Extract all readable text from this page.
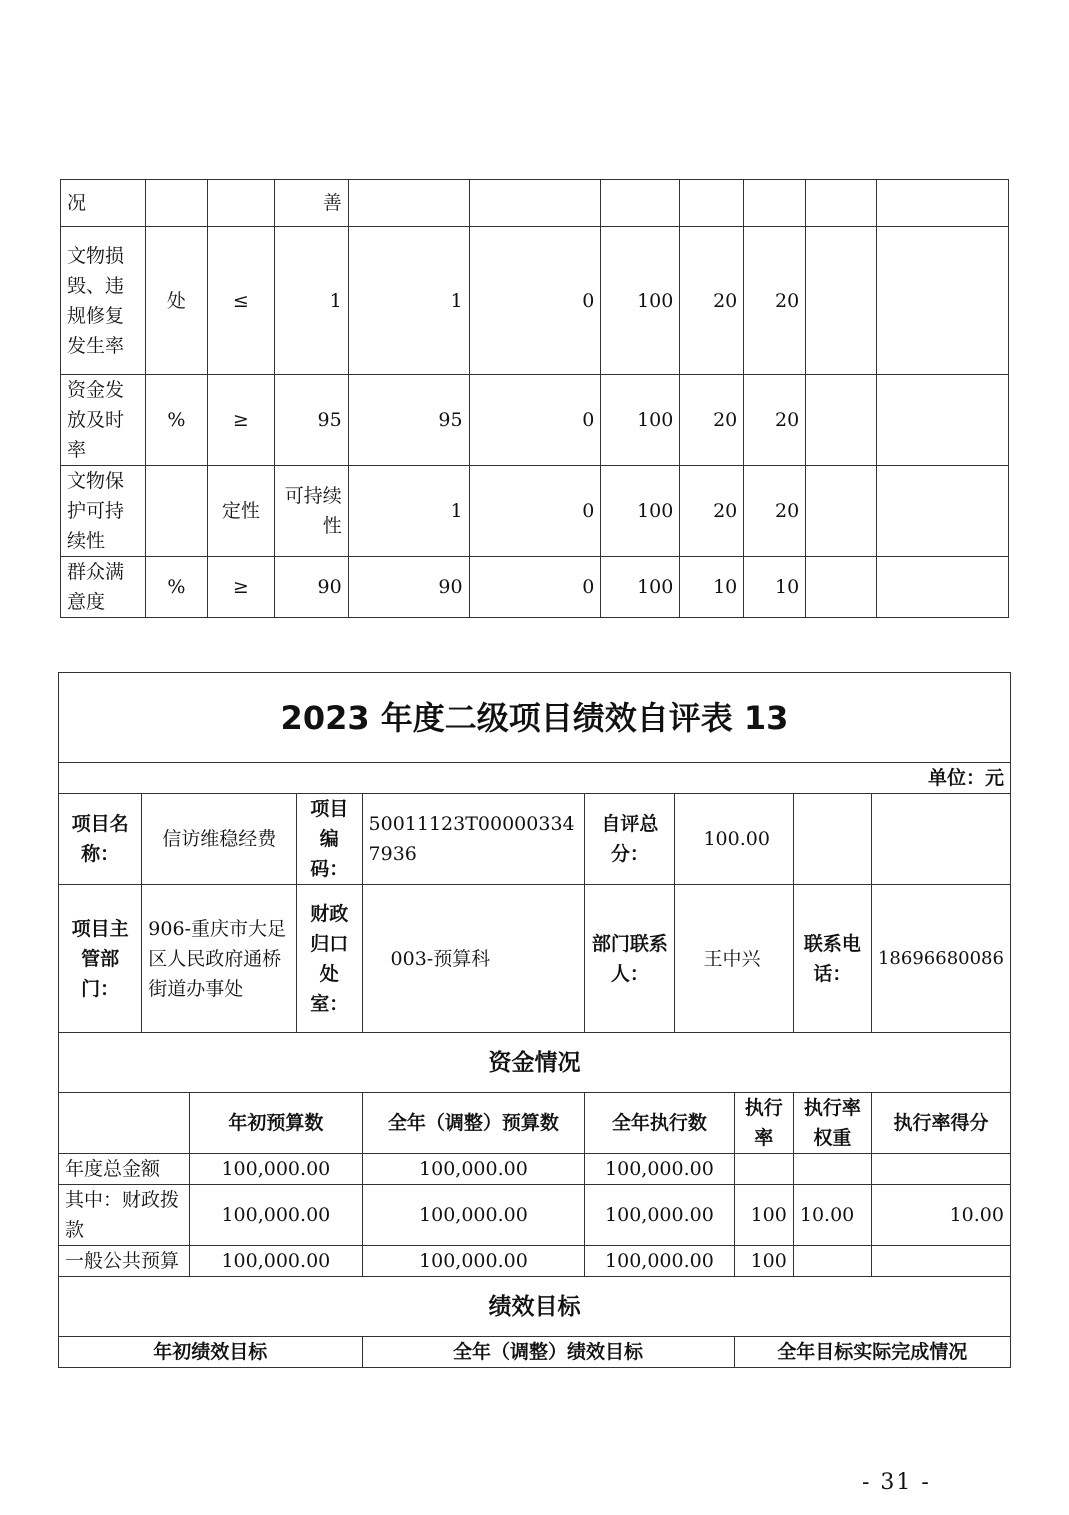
况			善							
文物损毁、违规修复发生率	处	≤	1	1	0	100	20	20		
资金发放及时率	%	≥	95	95	0	100	20	20		
文物保护可持续性		定性	可持续性	1	0	100	20	20		
群众满意度	%	≥	90	90	0	100	10	10		
2023 年度二级项目绩效自评表 13									
单位：元									
项目名称：	信访维稳经费		项目编码：	50011123T000003347936	自评总分：	100.00			
项目主管部门：	906-重庆市大足区人民政府通桥街道办事处		财政归口处室：	003-预算科	部门联系人：	王中兴		联系电话：	18696680086
资金情况									
		年初预算数		全年（调整）预算数	全年执行数		执行率	执行率权重	执行率得分
年度总金额		100,000.00		100,000.00	100,000.00				
其中：财政拨款		100,000.00		100,000.00	100,000.00		100	10.00	10.00
一般公共预算		100,000.00		100,000.00	100,000.00		100		
绩效目标									
年初绩效目标				全年（调整）绩效目标			全年目标实际完成情况		
- 31 -
